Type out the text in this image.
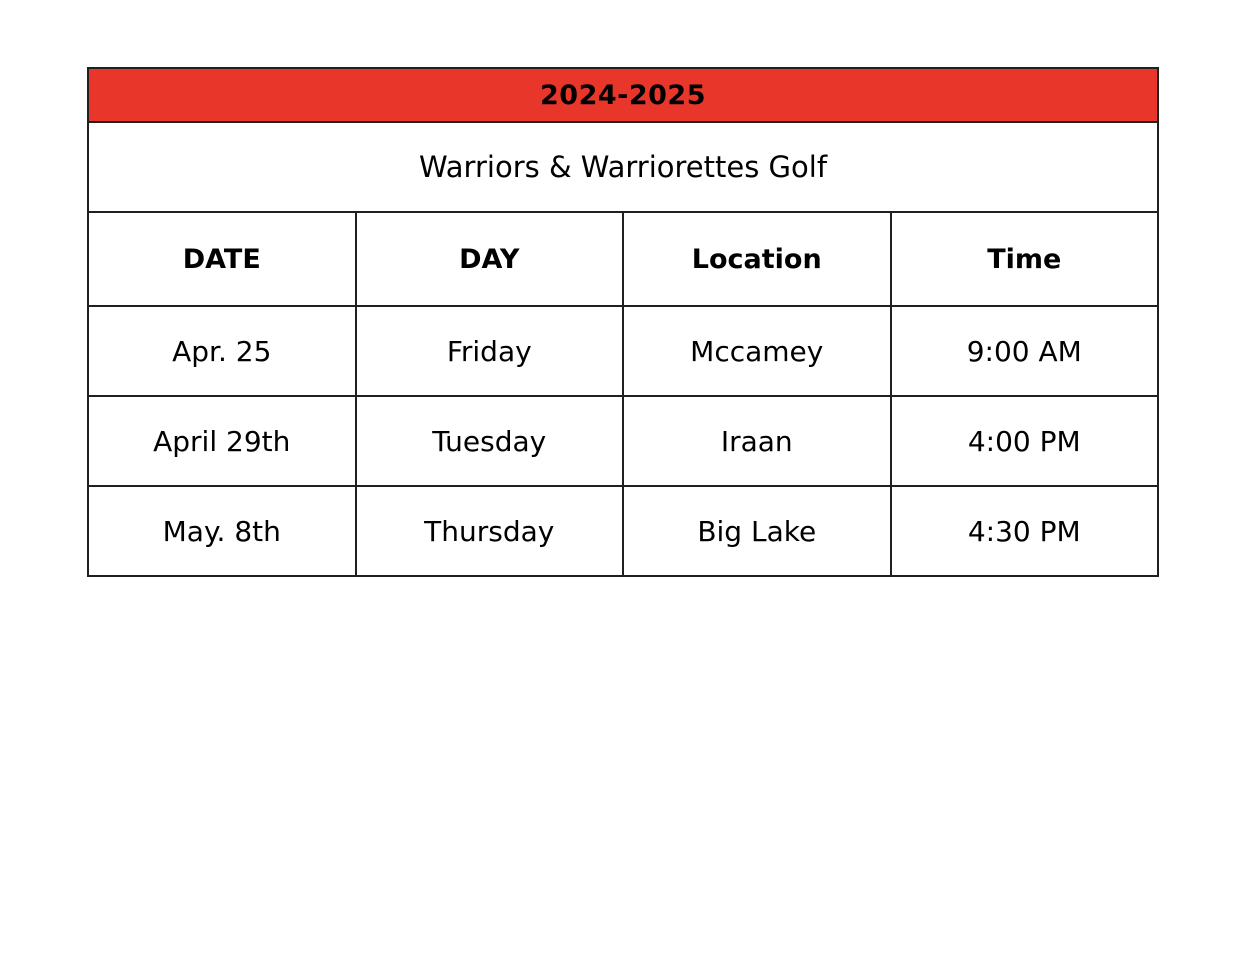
2024-2025			
Warriors & Warriorettes Golf			
DATE	DAY	Location	Time
Apr. 25	Friday	Mccamey	9:00 AM
April 29th	Tuesday	Iraan	4:00 PM
May. 8th	Thursday	Big Lake	4:30 PM
